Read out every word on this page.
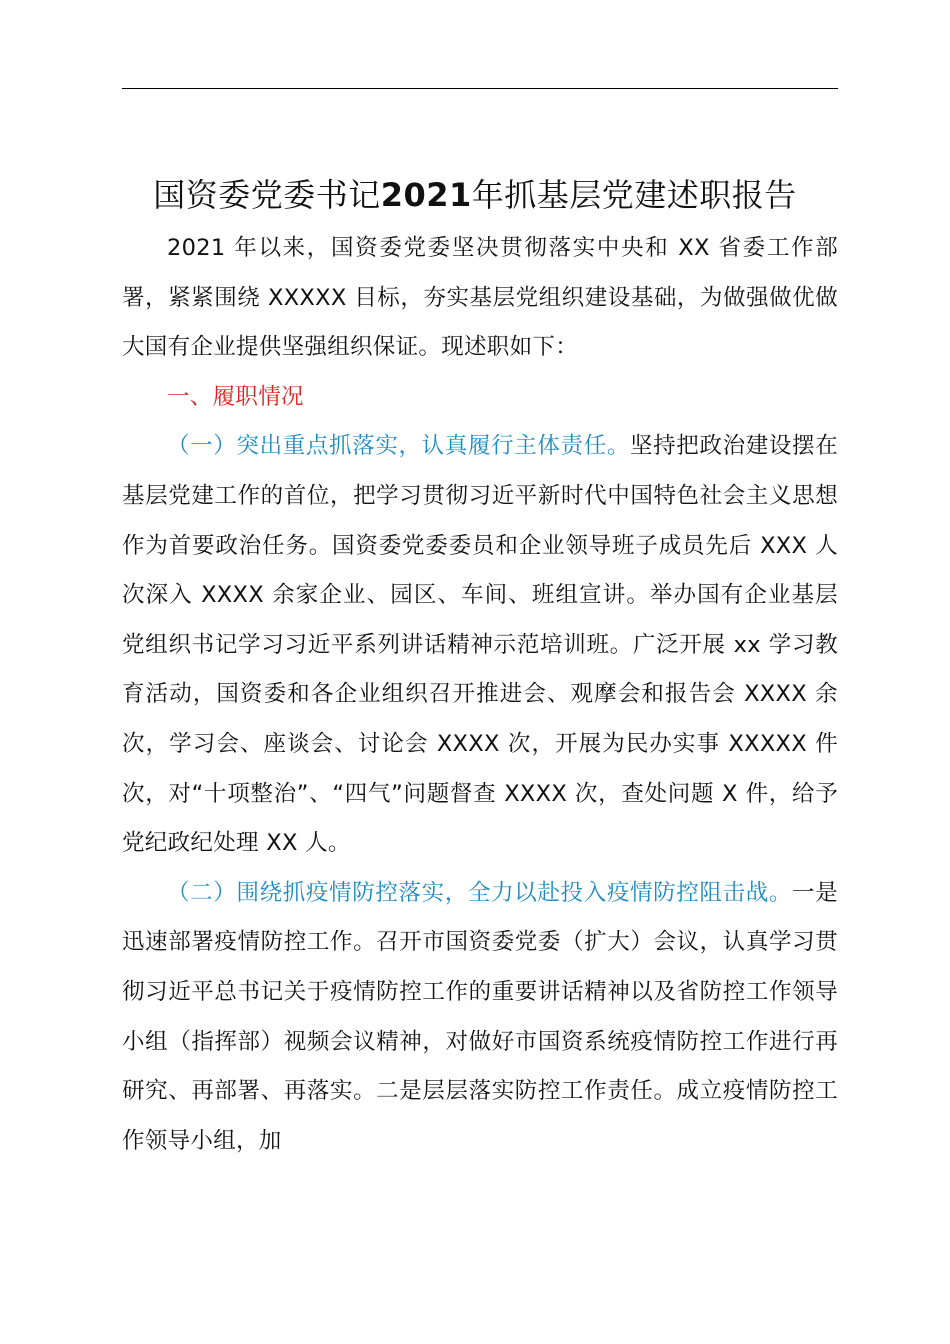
国资委党委书记2021年抓基层党建述职报告

2021 年以来，国资委党委坚决贯彻落实中央和 XX 省委工作部署，紧紧围绕 XXXXX 目标，夯实基层党组织建设基础，为做强做优做大国有企业提供坚强组织保证。现述职如下：

一、履职情况

（一）突出重点抓落实，认真履行主体责任。坚持把政治建设摆在基层党建工作的首位，把学习贯彻习近平新时代中国特色社会主义思想作为首要政治任务。国资委党委委员和企业领导班子成员先后 XXX 人次深入 XXXX 余家企业、园区、车间、班组宣讲。举办国有企业基层党组织书记学习习近平系列讲话精神示范培训班。广泛开展 xx 学习教育活动，国资委和各企业组织召开推进会、观摩会和报告会 XXXX 余次，学习会、座谈会、讨论会 XXXX 次，开展为民办实事 XXXXX 件次，对“十项整治”、“四气”问题督查 XXXX 次，查处问题 X 件，给予党纪政纪处理 XX 人。

（二）围绕抓疫情防控落实，全力以赴投入疫情防控阻击战。一是迅速部署疫情防控工作。召开市国资委党委（扩大）会议，认真学习贯彻习近平总书记关于疫情防控工作的重要讲话精神以及省防控工作领导小组（指挥部）视频会议精神，对做好市国资系统疫情防控工作进行再研究、再部署、再落实。二是层层落实防控工作责任。成立疫情防控工作领导小组，加
